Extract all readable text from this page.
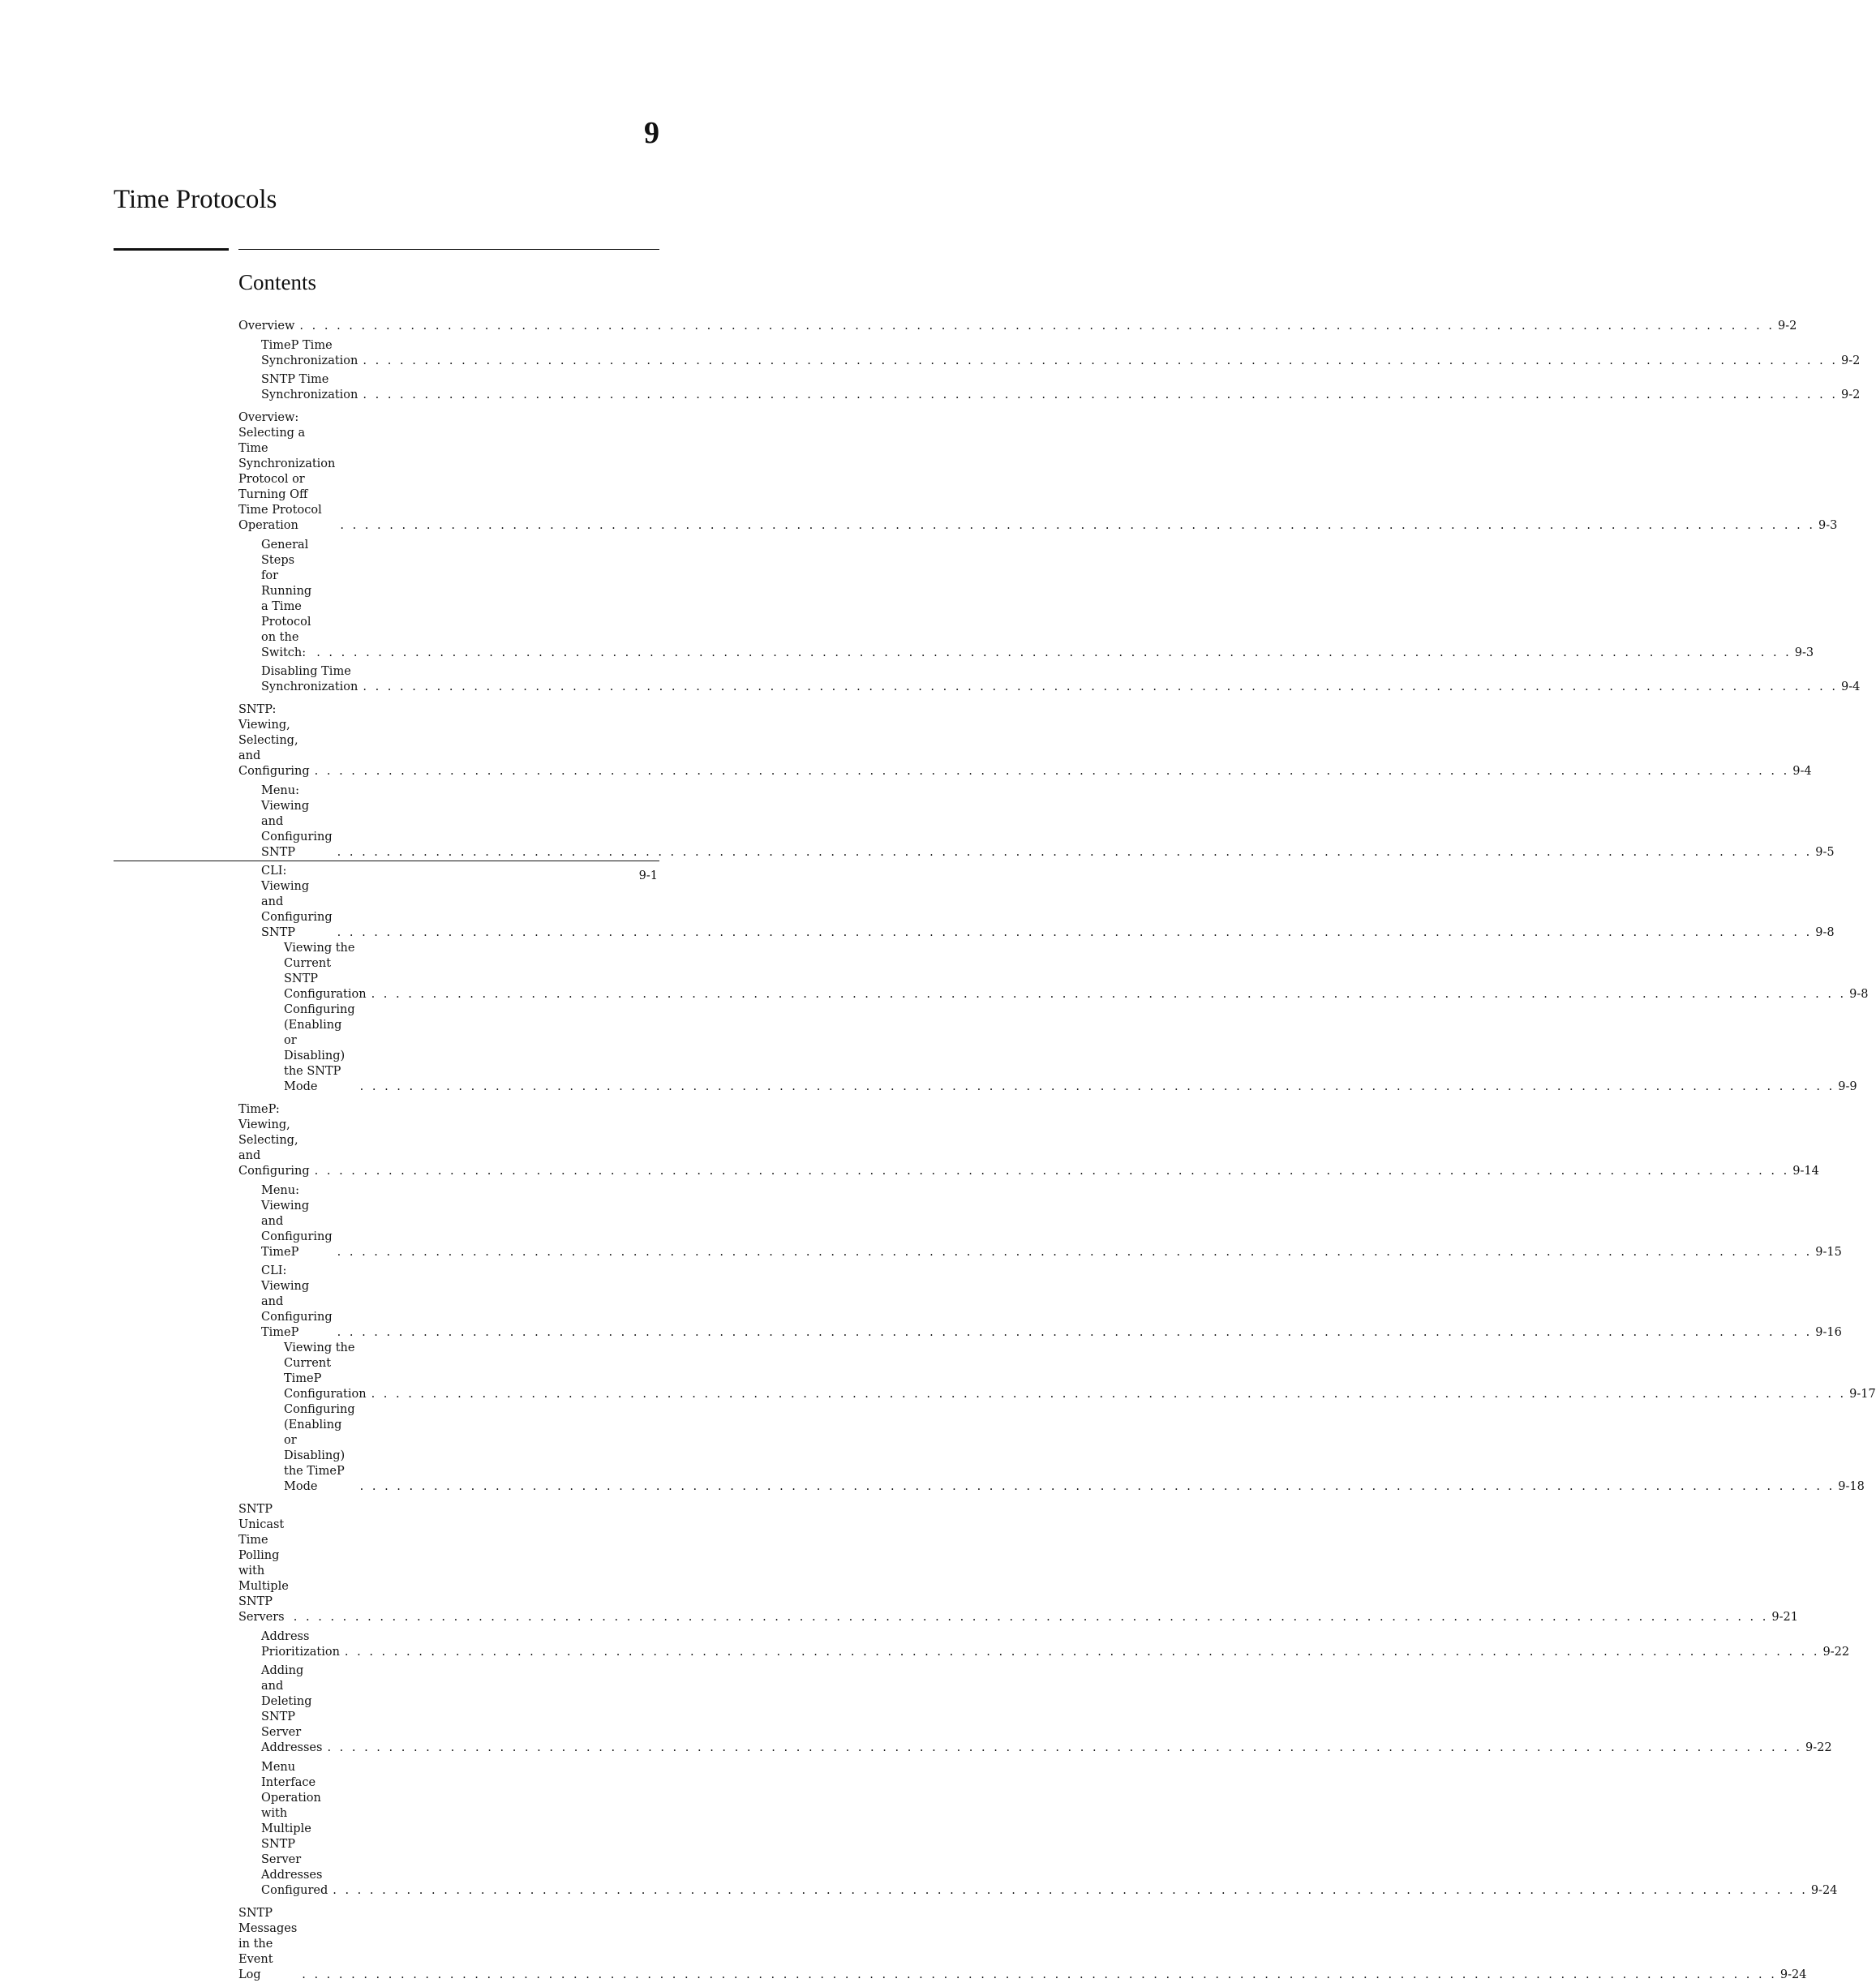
9
Time Protocols
Contents
Overview . . . . . . . . . . . . . . . . . . . . . . . . . . . . . . . . . . . . . . . . . . . . . . . . . . . . . . . . . . . . . . . . . . . . . . . . . . . . . . . . . . . . . . . . . . . . . . . . . . . . . . . . . . . . . . . . . . . . . . . . 9-2
TimeP Time Synchronization . . . . . . . . . . . . . . . . . . . . . . . . . . . . . . . . . . . . . . . . . . . . . . . . . . . . . . . . . . . . . . . . . . . . . . . . . . . . . . . . . . . . . . . . . . . . . . . . . . . . . . . . . . . . . . . . . . . . . . . . 9-2
SNTP Time Synchronization . . . . . . . . . . . . . . . . . . . . . . . . . . . . . . . . . . . . . . . . . . . . . . . . . . . . . . . . . . . . . . . . . . . . . . . . . . . . . . . . . . . . . . . . . . . . . . . . . . . . . . . . . . . . . . . . . . . . . . . . 9-2
Overview: Selecting a Time Synchronization Protocol or Turning Off Time Protocol Operation	. . . . . . . . . . . . . . . . . . . . . . . . . . . . . . . . . . . . . . . . . . . . . . . . . . . . . . . . . . . . . . . . . . . . . . . . . . . . . . . . . . . . . . . . . . . . . . . . . . . . . . . . . . . . . . . . . . . . . . . . 9-3
General Steps for Running a Time Protocol on the Switch: . . . . . . . . . . . . . . . . . . . . . . . . . . . . . . . . . . . . . . . . . . . . . . . . . . . . . . . . . . . . . . . . . . . . . . . . . . . . . . . . . . . . . . . . . . . . . . . . . . . . . . . . . . . . . . . . . . . . . . . . 9-3
Disabling Time Synchronization . . . . . . . . . . . . . . . . . . . . . . . . . . . . . . . . . . . . . . . . . . . . . . . . . . . . . . . . . . . . . . . . . . . . . . . . . . . . . . . . . . . . . . . . . . . . . . . . . . . . . . . . . . . . . . . . . . . . . . . . 9-4
SNTP: Viewing, Selecting, and Configuring . . . . . . . . . . . . . . . . . . . . . . . . . . . . . . . . . . . . . . . . . . . . . . . . . . . . . . . . . . . . . . . . . . . . . . . . . . . . . . . . . . . . . . . . . . . . . . . . . . . . . . . . . . . . . . . . . . . . . . . . 9-4
Menu: Viewing and Configuring SNTP	. . . . . . . . . . . . . . . . . . . . . . . . . . . . . . . . . . . . . . . . . . . . . . . . . . . . . . . . . . . . . . . . . . . . . . . . . . . . . . . . . . . . . . . . . . . . . . . . . . . . . . . . . . . . . . . . . . . . . . . . 9-5
CLI: Viewing and Configuring SNTP	. . . . . . . . . . . . . . . . . . . . . . . . . . . . . . . . . . . . . . . . . . . . . . . . . . . . . . . . . . . . . . . . . . . . . . . . . . . . . . . . . . . . . . . . . . . . . . . . . . . . . . . . . . . . . . . . . . . . . . . . 9-8
Viewing the Current SNTP Configuration . . . . . . . . . . . . . . . . . . . . . . . . . . . . . . . . . . . . . . . . . . . . . . . . . . . . . . . . . . . . . . . . . . . . . . . . . . . . . . . . . . . . . . . . . . . . . . . . . . . . . . . . . . . . . . . . . . . . . . . . 9-8
Configuring (Enabling or Disabling) the SNTP Mode	. . . . . . . . . . . . . . . . . . . . . . . . . . . . . . . . . . . . . . . . . . . . . . . . . . . . . . . . . . . . . . . . . . . . . . . . . . . . . . . . . . . . . . . . . . . . . . . . . . . . . . . . . . . . . . . . . . . . . . . . 9-9
TimeP: Viewing, Selecting, and Configuring . . . . . . . . . . . . . . . . . . . . . . . . . . . . . . . . . . . . . . . . . . . . . . . . . . . . . . . . . . . . . . . . . . . . . . . . . . . . . . . . . . . . . . . . . . . . . . . . . . . . . . . . . . . . . . . . . . . . . . . . 9-14
Menu: Viewing and Configuring TimeP	. . . . . . . . . . . . . . . . . . . . . . . . . . . . . . . . . . . . . . . . . . . . . . . . . . . . . . . . . . . . . . . . . . . . . . . . . . . . . . . . . . . . . . . . . . . . . . . . . . . . . . . . . . . . . . . . . . . . . . . . 9-15
CLI: Viewing and Configuring TimeP	. . . . . . . . . . . . . . . . . . . . . . . . . . . . . . . . . . . . . . . . . . . . . . . . . . . . . . . . . . . . . . . . . . . . . . . . . . . . . . . . . . . . . . . . . . . . . . . . . . . . . . . . . . . . . . . . . . . . . . . . 9-16
Viewing the Current TimeP Configuration . . . . . . . . . . . . . . . . . . . . . . . . . . . . . . . . . . . . . . . . . . . . . . . . . . . . . . . . . . . . . . . . . . . . . . . . . . . . . . . . . . . . . . . . . . . . . . . . . . . . . . . . . . . . . . . . . . . . . . . . 9-17
Configuring (Enabling or Disabling) the TimeP Mode	. . . . . . . . . . . . . . . . . . . . . . . . . . . . . . . . . . . . . . . . . . . . . . . . . . . . . . . . . . . . . . . . . . . . . . . . . . . . . . . . . . . . . . . . . . . . . . . . . . . . . . . . . . . . . . . . . . . . . . . . 9-18
SNTP Unicast Time Polling with Multiple SNTP Servers . . . . . . . . . . . . . . . . . . . . . . . . . . . . . . . . . . . . . . . . . . . . . . . . . . . . . . . . . . . . . . . . . . . . . . . . . . . . . . . . . . . . . . . . . . . . . . . . . . . . . . . . . . . . . . . . . . . . . . . . 9-21
Address Prioritization . . . . . . . . . . . . . . . . . . . . . . . . . . . . . . . . . . . . . . . . . . . . . . . . . . . . . . . . . . . . . . . . . . . . . . . . . . . . . . . . . . . . . . . . . . . . . . . . . . . . . . . . . . . . . . . . . . . . . . . . 9-22
Adding and Deleting SNTP Server Addresses . . . . . . . . . . . . . . . . . . . . . . . . . . . . . . . . . . . . . . . . . . . . . . . . . . . . . . . . . . . . . . . . . . . . . . . . . . . . . . . . . . . . . . . . . . . . . . . . . . . . . . . . . . . . . . . . . . . . . . . . 9-22
Menu Interface Operation with Multiple SNTP Server Addresses Configured . . . . . . . . . . . . . . . . . . . . . . . . . . . . . . . . . . . . . . . . . . . . . . . . . . . . . . . . . . . . . . . . . . . . . . . . . . . . . . . . . . . . . . . . . . . . . . . . . . . . . . . . . . . . . . . . . . . . . . . . 9-24
SNTP Messages in the Event Log	. . . . . . . . . . . . . . . . . . . . . . . . . . . . . . . . . . . . . . . . . . . . . . . . . . . . . . . . . . . . . . . . . . . . . . . . . . . . . . . . . . . . . . . . . . . . . . . . . . . . . . . . . . . . . . . . . . . . . . . . 9-24
9-1
